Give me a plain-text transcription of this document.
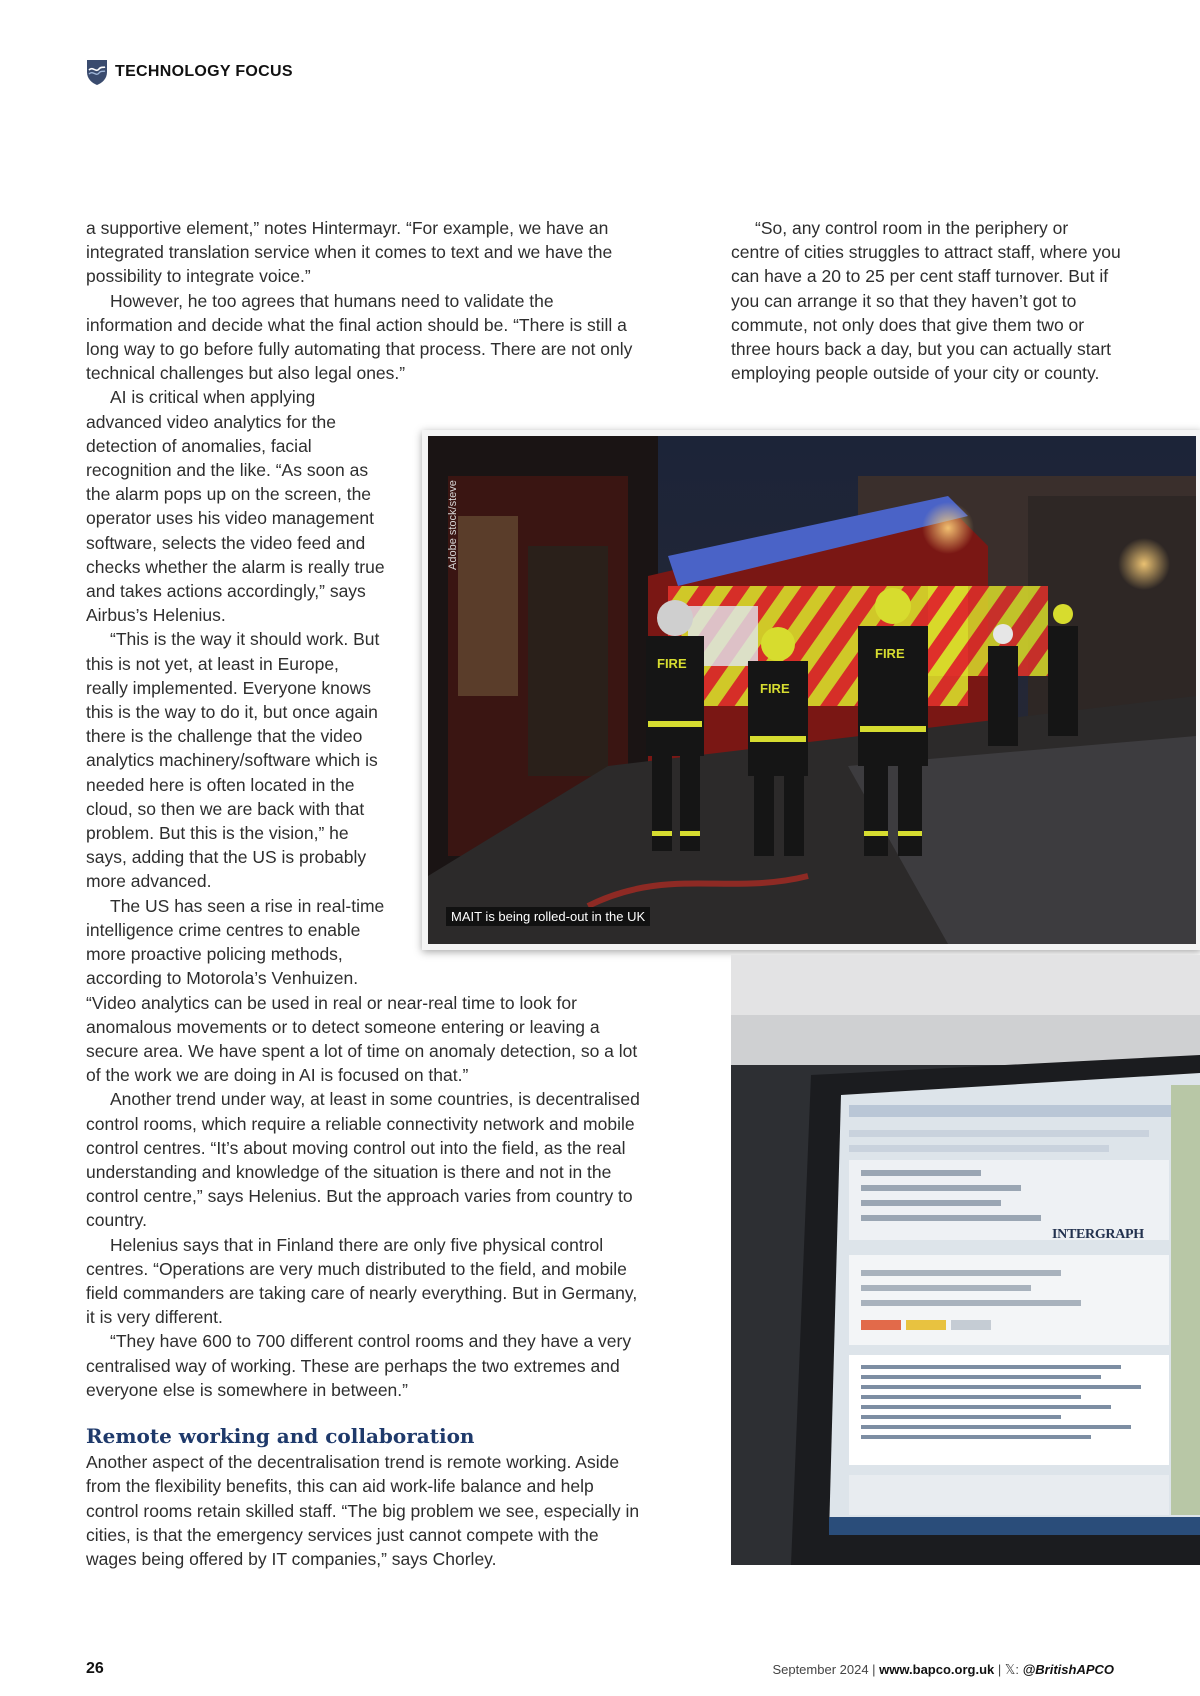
TECHNOLOGY FOCUS

a supportive element,” notes Hintermayr. “For example, we have an integrated translation service when it comes to text and we have the possibility to integrate voice.”

However, he too agrees that humans need to validate the information and decide what the final action should be. “There is still a long way to go before fully automating that process. There are not only technical challenges but also legal ones.”

AI is critical when applying advanced video analytics for the detection of anomalies, facial recognition and the like. “As soon as the alarm pops up on the screen, the operator uses his video management software, selects the video feed and checks whether the alarm is really true and takes actions accordingly,” says Airbus’s Helenius.

“This is the way it should work. But this is not yet, at least in Europe, really implemented. Everyone knows this is the way to do it, but once again there is the challenge that the video analytics machinery/software which is needed here is often located in the cloud, so then we are back with that problem. But this is the vision,” he says, adding that the US is probably more advanced.

The US has seen a rise in real-time intelligence crime centres to enable more proactive policing methods, according to Motorola’s Venhuizen. “Video analytics can be used in real or near-real time to look for anomalous movements or to detect someone entering or leaving a secure area. We have spent a lot of time on anomaly detection, so a lot of the work we are doing in AI is focused on that.”

Another trend under way, at least in some countries, is decentralised control rooms, which require a reliable connectivity network and mobile control centres. “It’s about moving control out into the field, as the real understanding and knowledge of the situation is there and not in the control centre,” says Helenius. But the approach varies from country to country.

Helenius says that in Finland there are only five physical control centres. “Operations are very much distributed to the field, and mobile field commanders are taking care of nearly everything. But in Germany, it is very different.

“They have 600 to 700 different control rooms and they have a very centralised way of working. These are perhaps the two extremes and everyone else is somewhere in between.”

Remote working and collaboration

Another aspect of the decentralisation trend is remote working. Aside from the flexibility benefits, this can aid work-life balance and help control rooms retain skilled staff. “The big problem we see, especially in cities, is that the emergency services just cannot compete with the wages being offered by IT companies,” says Chorley.

“So, any control room in the periphery or centre of cities struggles to attract staff, where you can have a 20 to 25 per cent staff turnover. But if you can arrange it so that they haven’t got to commute, not only does that give them two or three hours back a day, but you can actually start employing people outside of your city or county.

FIRE
FIRE
FIRE
Adobe stock/steve
MAIT is being rolled-out in the UK
INTERGRAPH
26	September 2024 | www.bapco.org.uk | 𝕏: @BritishAPCO
